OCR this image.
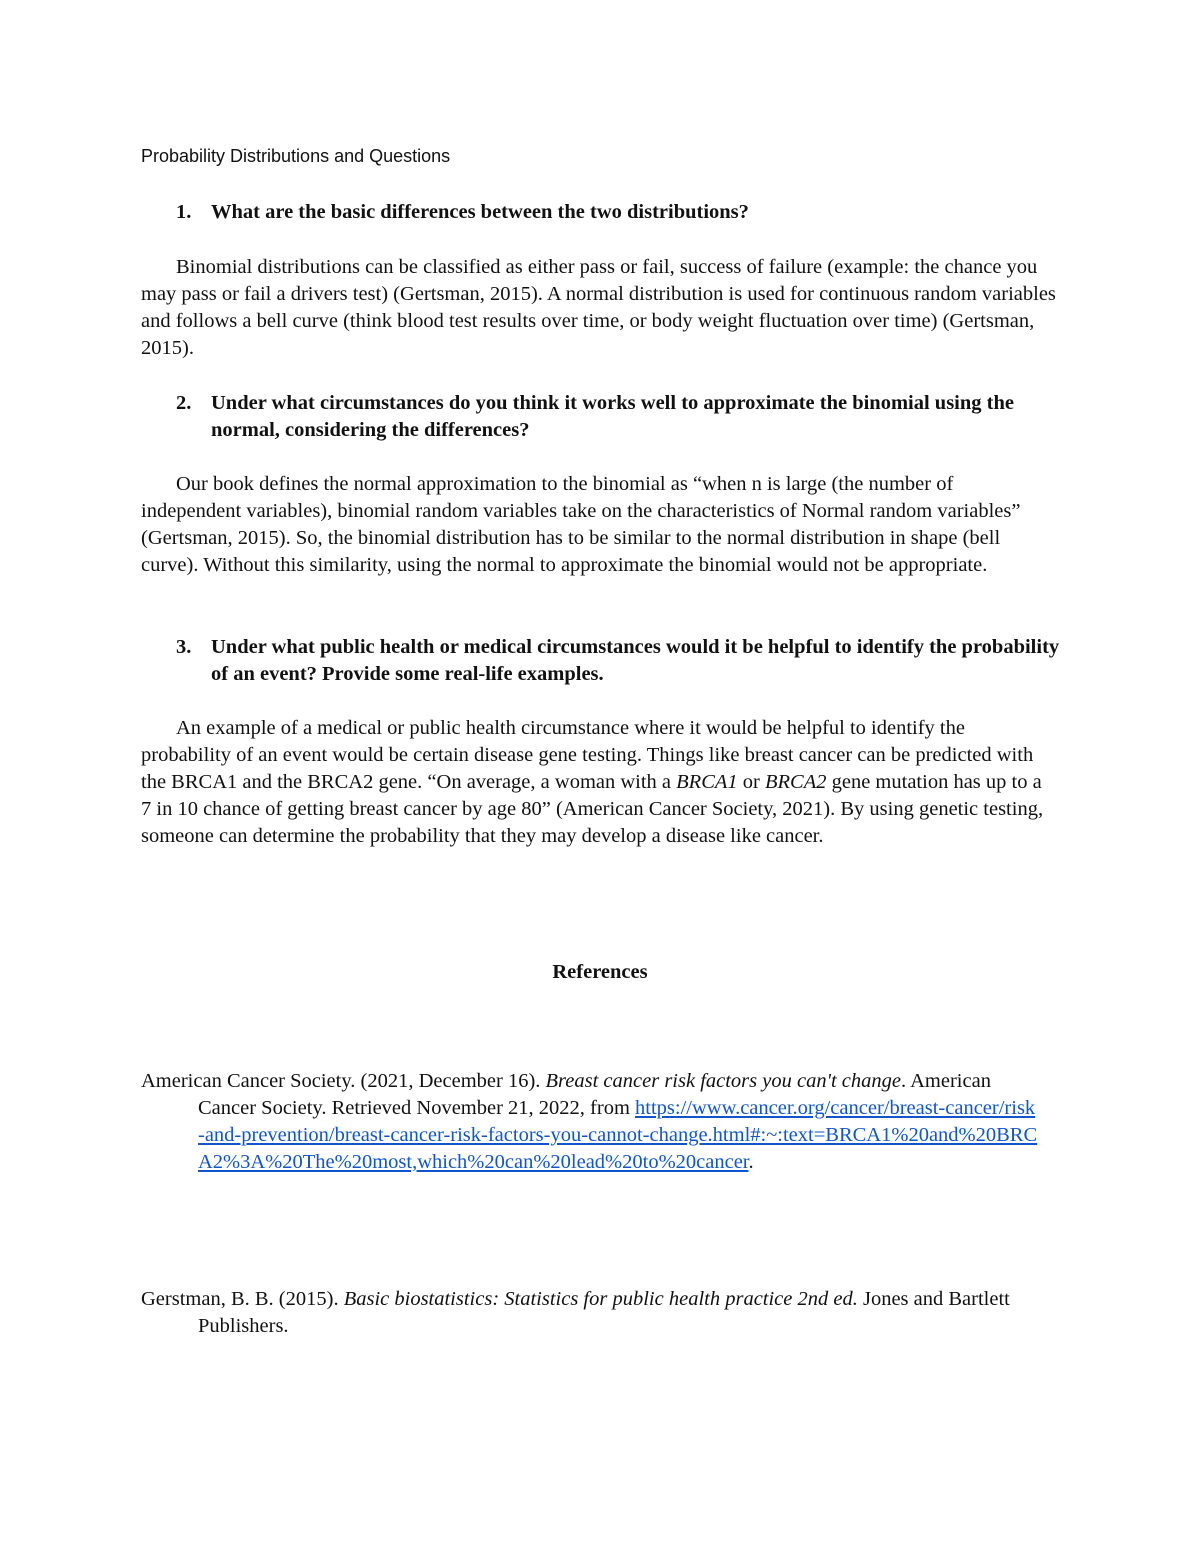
Probability Distributions and Questions
1. What are the basic differences between the two distributions?

Binomial distributions can be classified as either pass or fail, success of failure (example: the chance you may pass or fail a drivers test) (Gertsman, 2015). A normal distribution is used for continuous random variables and follows a bell curve (think blood test results over time, or body weight fluctuation over time) (Gertsman, 2015).

2. Under what circumstances do you think it works well to approximate the binomial using the normal, considering the differences?

Our book defines the normal approximation to the binomial as “when n is large (the number of independent variables), binomial random variables take on the characteristics of Normal random variables” (Gertsman, 2015). So, the binomial distribution has to be similar to the normal distribution in shape (bell curve). Without this similarity, using the normal to approximate the binomial would not be appropriate.

3. Under what public health or medical circumstances would it be helpful to identify the probability of an event? Provide some real-life examples.

An example of a medical or public health circumstance where it would be helpful to identify the probability of an event would be certain disease gene testing. Things like breast cancer can be predicted with the BRCA1 and the BRCA2 gene. “On average, a woman with a BRCA1 or BRCA2 gene mutation has up to a 7 in 10 chance of getting breast cancer by age 80” (American Cancer Society, 2021). By using genetic testing, someone can determine the probability that they may develop a disease like cancer.

References
American Cancer Society. (2021, December 16). Breast cancer risk factors you can't change. American Cancer Society. Retrieved November 21, 2022, from https://www.cancer.org/cancer/breast-cancer/risk-and-prevention/breast-cancer-risk-factors-you-cannot-change.html#:~:text=BRCA1%20and%20BRCA2%3A%20The%20most,which%20can%20lead%20to%20cancer.
Gerstman, B. B. (2015). Basic biostatistics: Statistics for public health practice 2nd ed. Jones and Bartlett Publishers.
